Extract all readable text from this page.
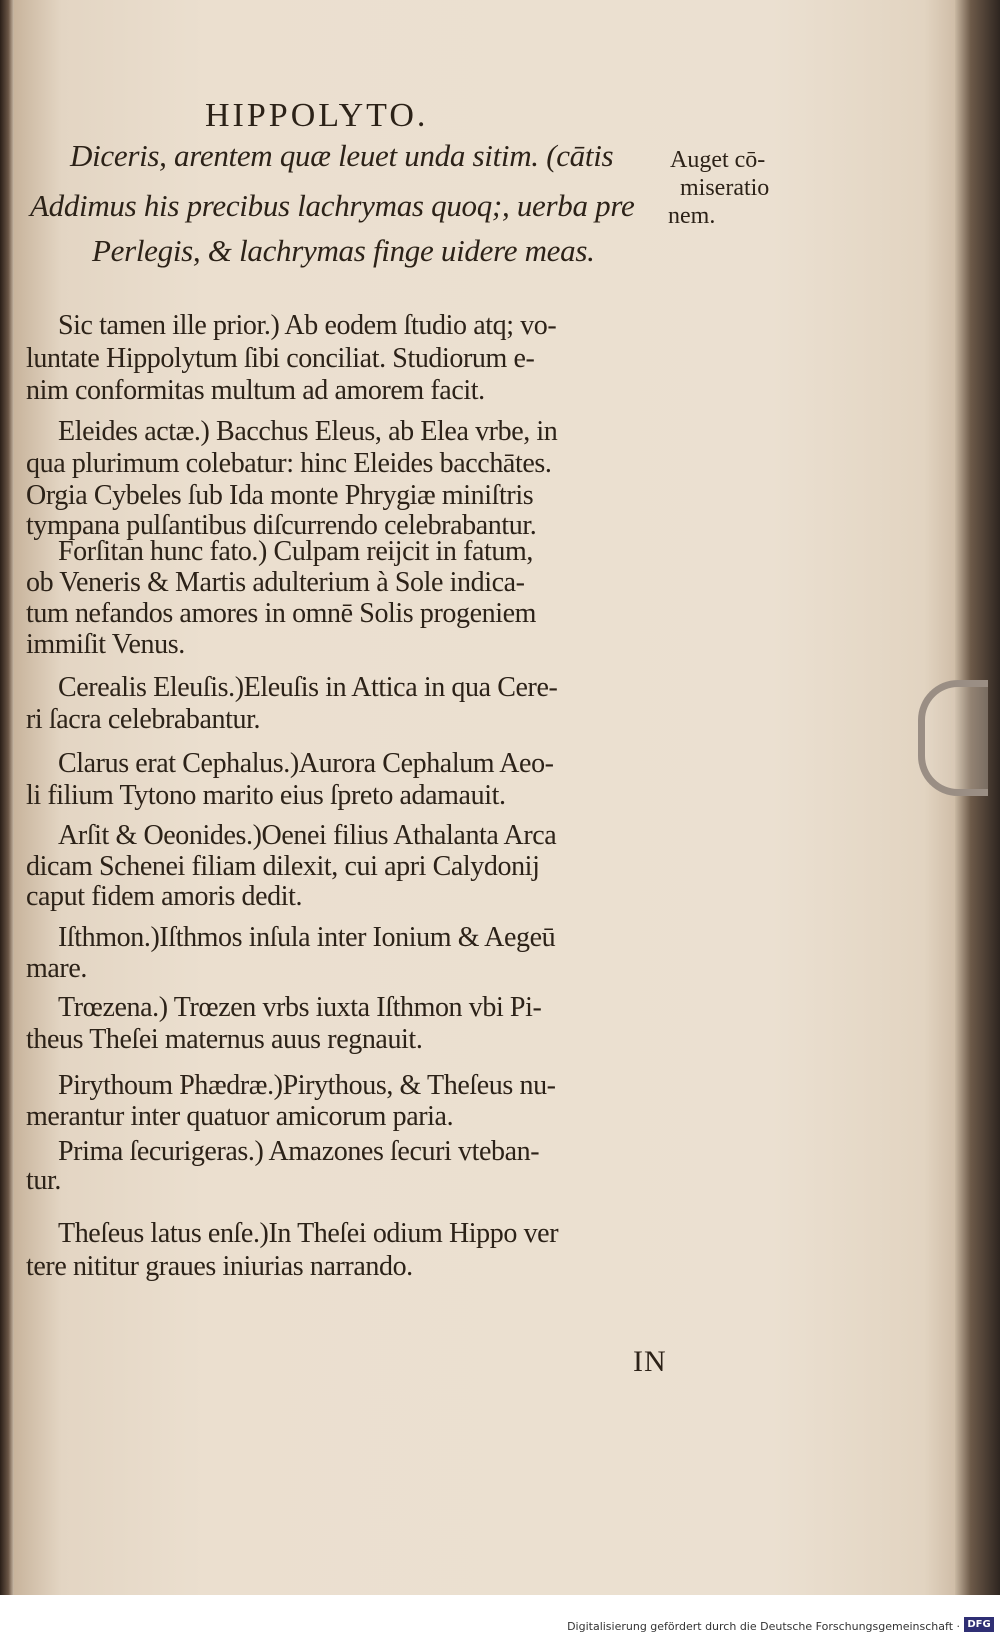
HIPPOLYTO.
Diceris, arentem quæ leuet unda sitim. (cātis
Addimus his precibus lachrymas quoq;, uerba pre
Perlegis, & lachrymas finge uidere meas.
Auget cō-
miseratio
nem.
Sic tamen ille prior.) Ab eodem ſtudio atq; vo-
luntate Hippolytum ſibi conciliat. Studiorum e-
nim conformitas multum ad amorem facit.
Eleides actæ.) Bacchus Eleus, ab Elea vrbe, in
qua plurimum colebatur: hinc Eleides bacchātes.
Orgia Cybeles ſub Ida monte Phrygiæ miniſtris
tympana pulſantibus diſcurrendo celebrabantur.
Forſitan hunc fato.) Culpam reijcit in fatum,
ob Veneris & Martis adulterium à Sole indica-
tum nefandos amores in omnē Solis progeniem
immiſit Venus.
Cerealis Eleuſis.)Eleuſis in Attica in qua Cere-
ri ſacra celebrabantur.
Clarus erat Cephalus.)Aurora Cephalum Aeo-
li filium Tytono marito eius ſpreto adamauit.
Arſit & Oeonides.)Oenei filius Athalanta Arca
dicam Schenei filiam dilexit, cui apri Calydonij
caput fidem amoris dedit.
Iſthmon.)Iſthmos inſula inter Ionium & Aegeū
mare.
Trœzena.) Trœzen vrbs iuxta Iſthmon vbi Pi-
theus Theſei maternus auus regnauit.
Pirythoum Phædræ.)Pirythous, & Theſeus nu-
merantur inter quatuor amicorum paria.
Prima ſecurigeras.) Amazones ſecuri vteban-
tur.
Theſeus latus enſe.)In Theſei odium Hippo ver
tere nititur graues iniurias narrando.
IN
Digitalisierung gefördert durch die Deutsche Forschungsgemeinschaft · DFG
